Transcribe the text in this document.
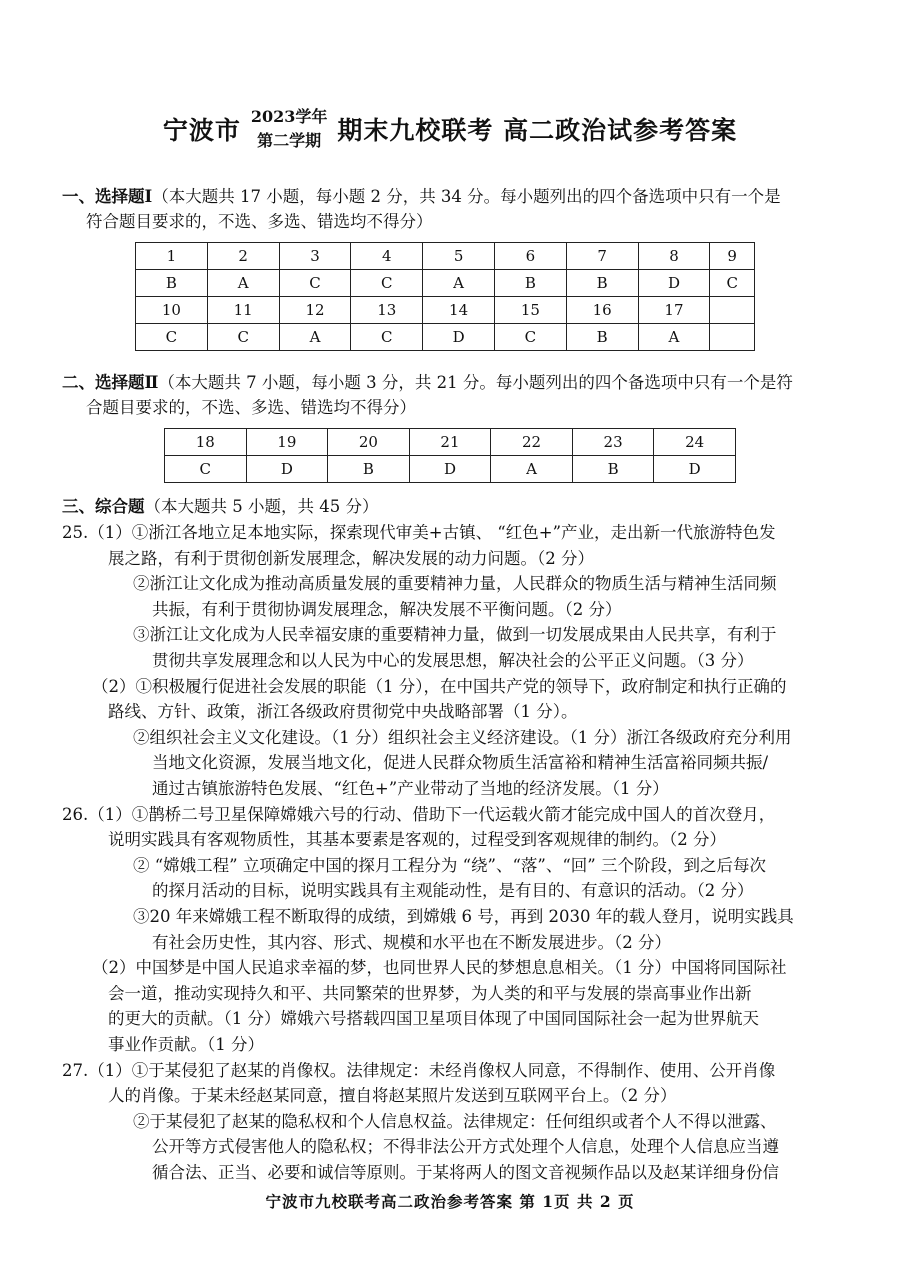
宁波市 2023学年
第二学期 期末九校联考 高二政治试参考答案
一、选择题Ⅰ（本大题共 17 小题，每小题 2 分，共 34 分。每小题列出的四个备选项中只有一个是
符合题目要求的，不选、多选、错选均不得分）
1	2	3	4	5	6	7	8	9
B	A	C	C	A	B	B	D	C
10	11	12	13	14	15	16	17	
C	C	A	C	D	C	B	A	
二、选择题Ⅱ（本大题共 7 小题，每小题 3 分，共 21 分。每小题列出的四个备选项中只有一个是符
合题目要求的，不选、多选、错选均不得分）
18	19	20	21	22	23	24
C	D	B	D	A	B	D
三、综合题（本大题共 5 小题，共 45 分）
25.（1）①浙江各地立足本地实际，探索现代审美+古镇、 “红色+”产业，走出新一代旅游特色发
展之路，有利于贯彻创新发展理念，解决发展的动力问题。（2 分）
②浙江让文化成为推动高质量发展的重要精神力量，人民群众的物质生活与精神生活同频
共振，有利于贯彻协调发展理念，解决发展不平衡问题。（2 分）
③浙江让文化成为人民幸福安康的重要精神力量，做到一切发展成果由人民共享，有利于
贯彻共享发展理念和以人民为中心的发展思想，解决社会的公平正义问题。（3 分）
（2）①积极履行促进社会发展的职能（1 分），在中国共产党的领导下，政府制定和执行正确的
路线、方针、政策，浙江各级政府贯彻党中央战略部署（1 分）。
②组织社会主义文化建设。（1 分）组织社会主义经济建设。（1 分）浙江各级政府充分利用
当地文化资源，发展当地文化，促进人民群众物质生活富裕和精神生活富裕同频共振/
通过古镇旅游特色发展、“红色+”产业带动了当地的经济发展。（1 分）
26.（1）①鹊桥二号卫星保障嫦娥六号的行动、借助下一代运载火箭才能完成中国人的首次登月，
说明实践具有客观物质性，其基本要素是客观的，过程受到客观规律的制约。（2 分）
② “嫦娥工程” 立项确定中国的探月工程分为 “绕”、“落”、“回” 三个阶段，到之后每次
的探月活动的目标，说明实践具有主观能动性，是有目的、有意识的活动。（2 分）
③20 年来嫦娥工程不断取得的成绩，到嫦娥 6 号，再到 2030 年的载人登月，说明实践具
有社会历史性，其内容、形式、规模和水平也在不断发展进步。（2 分）
（2）中国梦是中国人民追求幸福的梦，也同世界人民的梦想息息相关。（1 分）中国将同国际社
会一道，推动实现持久和平、共同繁荣的世界梦，为人类的和平与发展的崇高事业作出新
的更大的贡献。（1 分）嫦娥六号搭载四国卫星项目体现了中国同国际社会一起为世界航天
事业作贡献。（1 分）
27.（1）①于某侵犯了赵某的肖像权。法律规定：未经肖像权人同意，不得制作、使用、公开肖像
人的肖像。于某未经赵某同意，擅自将赵某照片发送到互联网平台上。（2 分）
②于某侵犯了赵某的隐私权和个人信息权益。法律规定：任何组织或者个人不得以泄露、
公开等方式侵害他人的隐私权；不得非法公开方式处理个人信息，处理个人信息应当遵
循合法、正当、必要和诚信等原则。于某将两人的图文音视频作品以及赵某详细身份信
宁波市九校联考高二政治参考答案 第 1页 共 2 页
